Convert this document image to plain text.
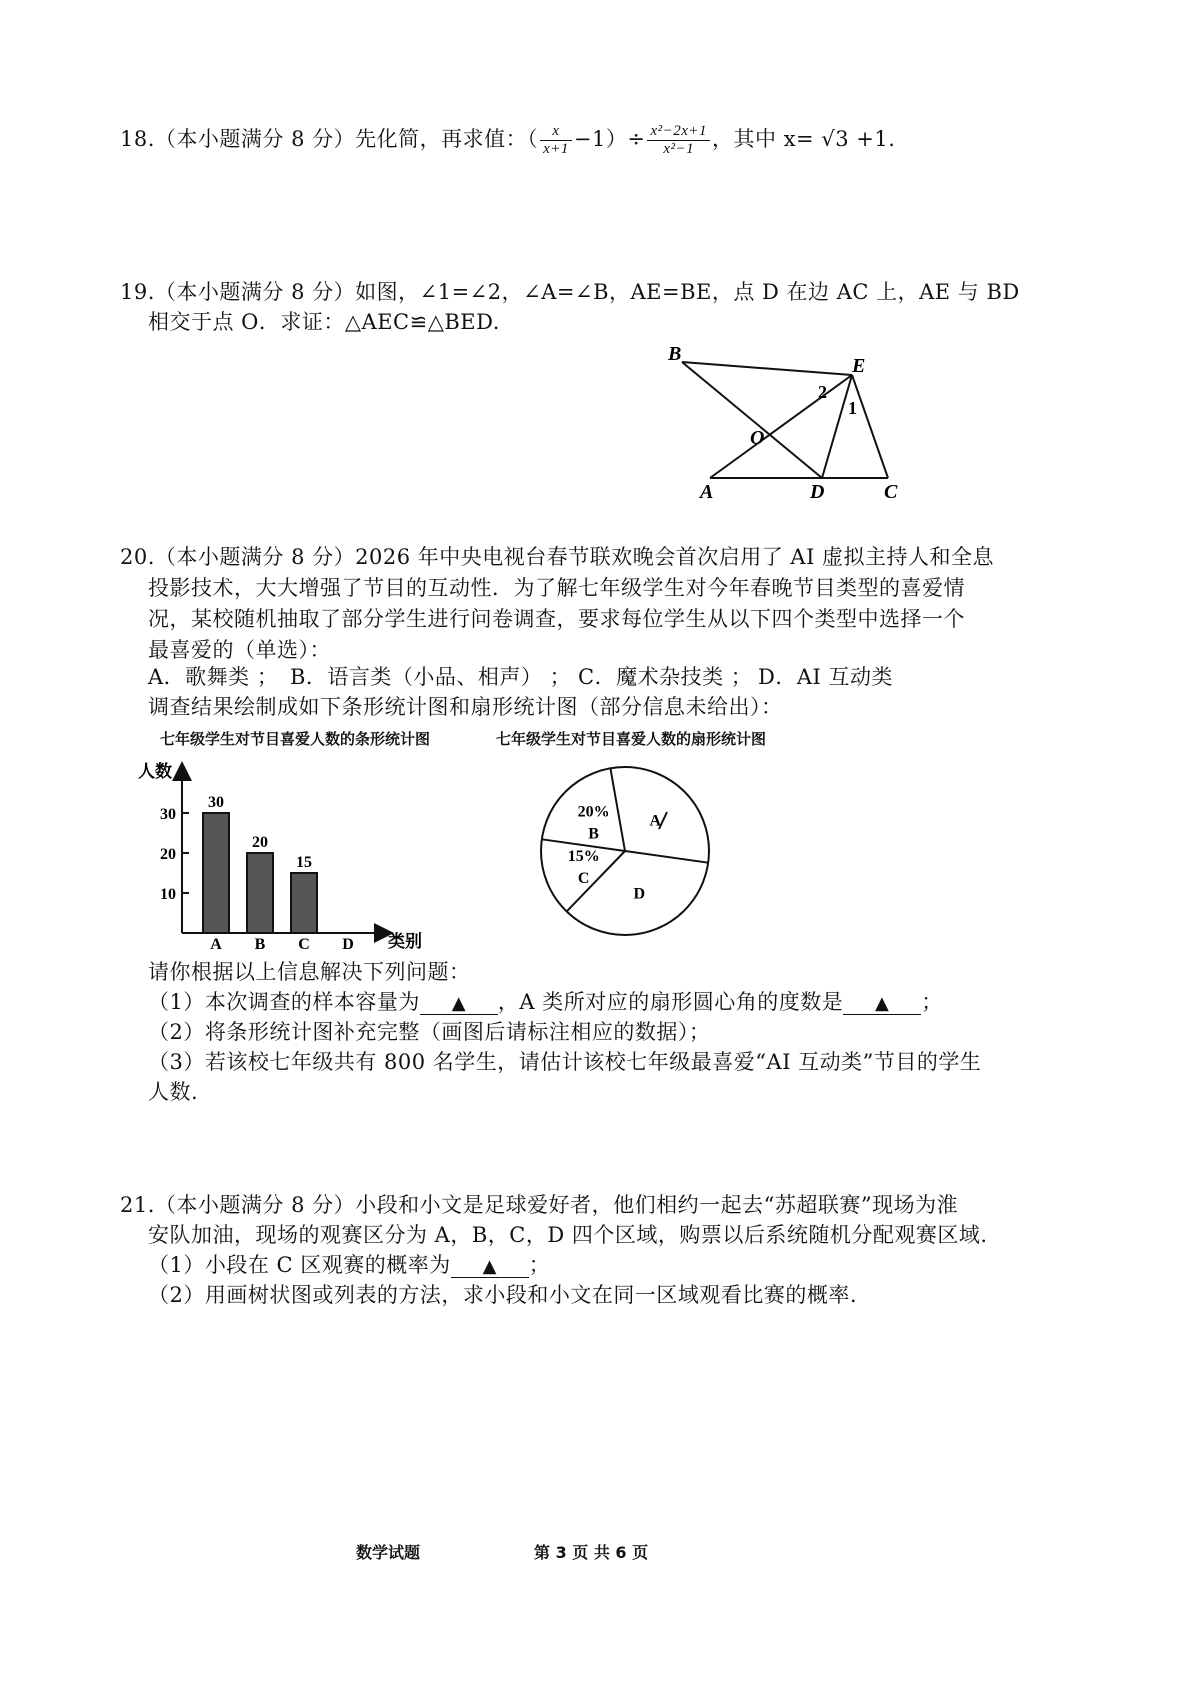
18.（本小题满分 8 分）先化简，再求值：（ $\frac{x}{x+1} -1)\div \frac{\text{x²−2x+1}}{\text{x²−1}}$ ，其中 x= √3 +1.
19.（本小题满分 8 分）如图，∠1=∠2，∠A=∠B，AE=BE，点 D 在边 AC 上，AE 与 BD
相交于点 O．求证：△AEC≌△BED.
B
E
O
A	D	C
1
2
20.（本小题满分 8 分）2026 年中央电视台春节联欢晚会首次启用了 AI 虚拟主持人和全息
投影技术，大大增强了节目的互动性．为了解七年级学生对今年春晚节目类型的喜爱情
况，某校随机抽取了部分学生进行问卷调查，要求每位学生从以下四个类型中选择一个
最喜爱的（单选）：
A．歌舞类 ； B．语言类（小品、相声） ； C．魔术杂技类 ； D．AI 互动类
调查结果绘制成如下条形统计图和扇形统计图（部分信息未给出）：
七年级学生对节目喜爱人数的条形统计图	七年级学生对节目喜爱人数的扇形统计图
人数
类别
10
20
30
30
A
20
B
15
C D
A
D
15%
C
20%
B
请你根据以上信息解决下列问题：
（1）本次调查的样本容量为 ▲ ，A 类所对应的扇形圆心角的度数是 ▲ ；
（2）将条形统计图补充完整（画图后请标注相应的数据）；
（3）若该校七年级共有 800 名学生，请估计该校七年级最喜爱“AI 互动类”节目的学生
人数.
21.（本小题满分 8 分）小段和小文是足球爱好者，他们相约一起去“苏超联赛”现场为淮
安队加油，现场的观赛区分为 A，B，C，D 四个区域，购票以后系统随机分配观赛区域.
（1）小段在 C 区观赛的概率为 ▲ ；
（2）用画树状图或列表的方法，求小段和小文在同一区域观看比赛的概率.
数学试题	第 3 页 共 6 页
